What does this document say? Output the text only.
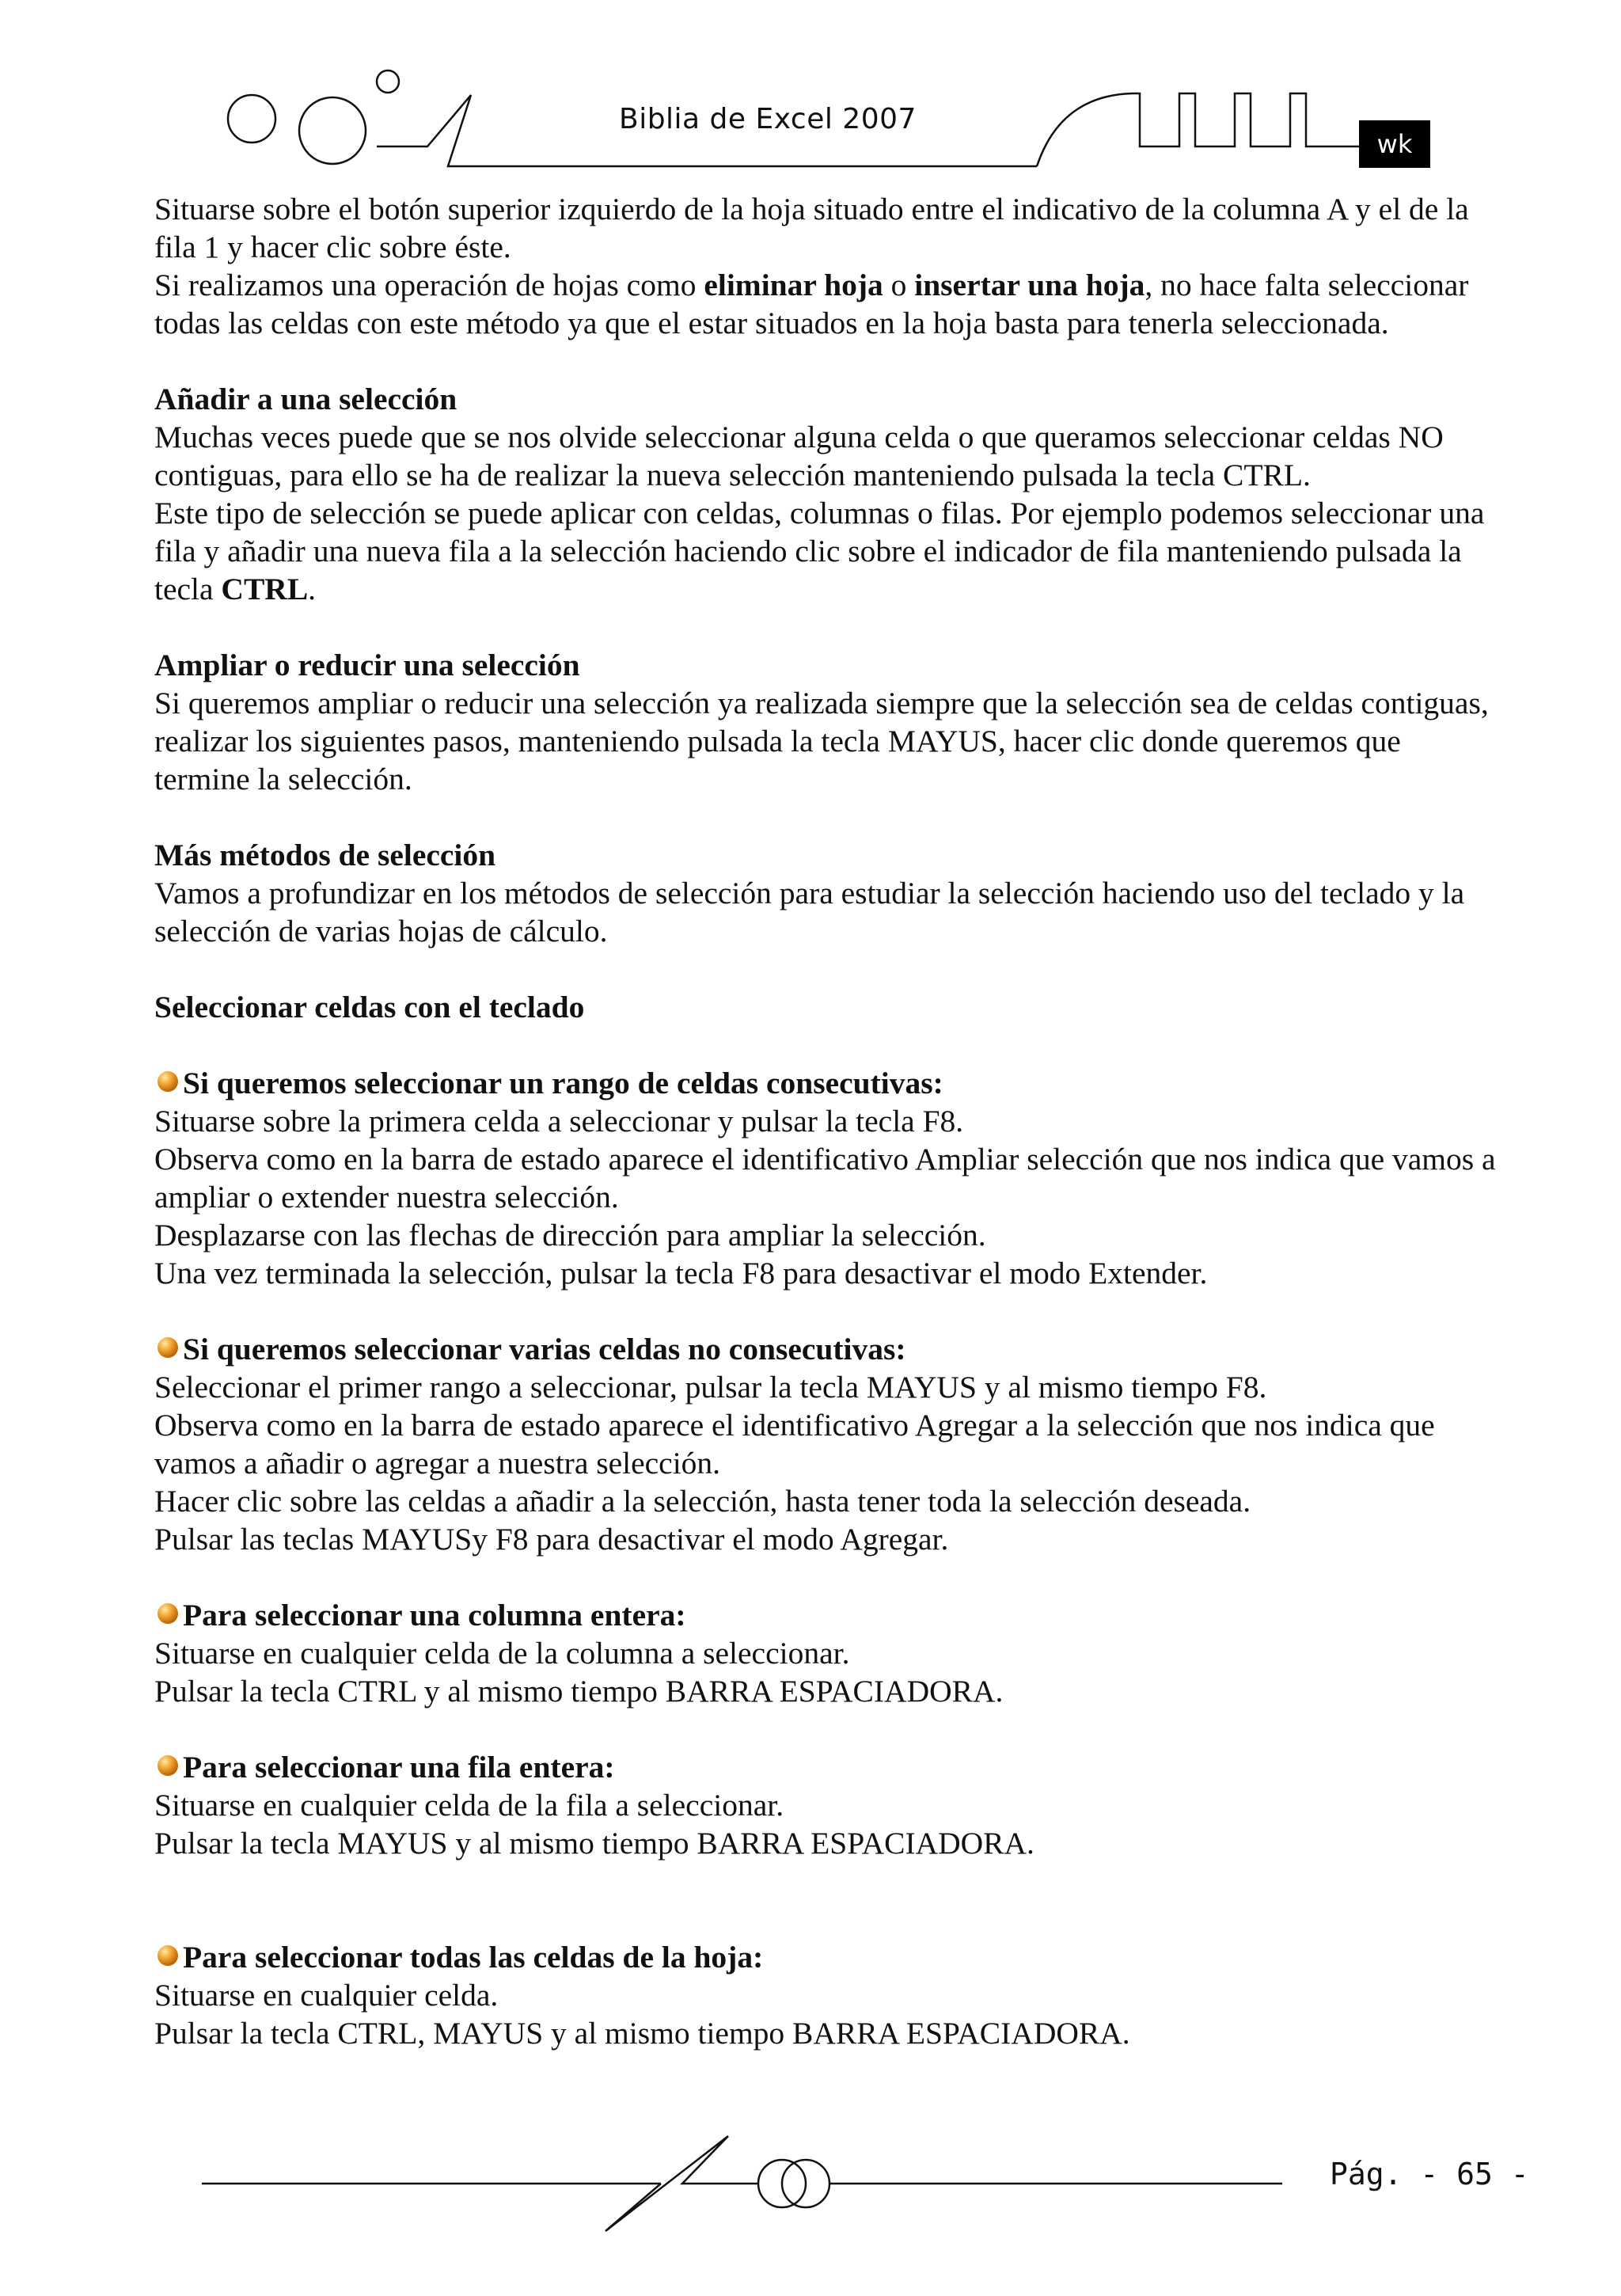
Biblia de Excel 2007
wk

Situarse sobre el botón superior izquierdo de la hoja situado entre el indicativo de la columna A y el de la fila 1 y hacer clic sobre éste.

Si realizamos una operación de hojas como eliminar hoja o insertar una hoja, no hace falta seleccionar todas las celdas con este método ya que el estar situados en la hoja basta para tenerla seleccionada.

Añadir a una selección

Muchas veces puede que se nos olvide seleccionar alguna celda o que queramos seleccionar celdas NO contiguas, para ello se ha de realizar la nueva selección manteniendo pulsada la tecla CTRL.

Este tipo de selección se puede aplicar con celdas, columnas o filas. Por ejemplo podemos seleccionar una fila y añadir una nueva fila a la selección haciendo clic sobre el indicador de fila manteniendo pulsada la tecla CTRL.

Ampliar o reducir una selección

Si queremos ampliar o reducir una selección ya realizada siempre que la selección sea de celdas contiguas, realizar los siguientes pasos, manteniendo pulsada la tecla MAYUS, hacer clic donde queremos que termine la selección.

Más métodos de selección

Vamos a profundizar en los métodos de selección para estudiar la selección haciendo uso del teclado y la selección de varias hojas de cálculo.

Seleccionar celdas con el teclado

Si queremos seleccionar un rango de celdas consecutivas:

Situarse sobre la primera celda a seleccionar y pulsar la tecla F8.

Observa como en la barra de estado aparece el identificativo Ampliar selección que nos indica que vamos a ampliar o extender nuestra selección.

Desplazarse con las flechas de dirección para ampliar la selección.

Una vez terminada la selección, pulsar la tecla F8 para desactivar el modo Extender.

Si queremos seleccionar varias celdas no consecutivas:

Seleccionar el primer rango a seleccionar, pulsar la tecla MAYUS y al mismo tiempo F8.

Observa como en la barra de estado aparece el identificativo Agregar a la selección que nos indica que vamos a añadir o agregar a nuestra selección.

Hacer clic sobre las celdas a añadir a la selección, hasta tener toda la selección deseada.

Pulsar las teclas MAYUSy F8 para desactivar el modo Agregar.

Para seleccionar una columna entera:

Situarse en cualquier celda de la columna a seleccionar.

Pulsar la tecla CTRL y al mismo tiempo BARRA ESPACIADORA.

Para seleccionar una fila entera:

Situarse en cualquier celda de la fila a seleccionar.

Pulsar la tecla MAYUS y al mismo tiempo BARRA ESPACIADORA.

Para seleccionar todas las celdas de la hoja:

Situarse en cualquier celda.

Pulsar la tecla CTRL, MAYUS y al mismo tiempo BARRA ESPACIADORA.

Pág. - 65 -
